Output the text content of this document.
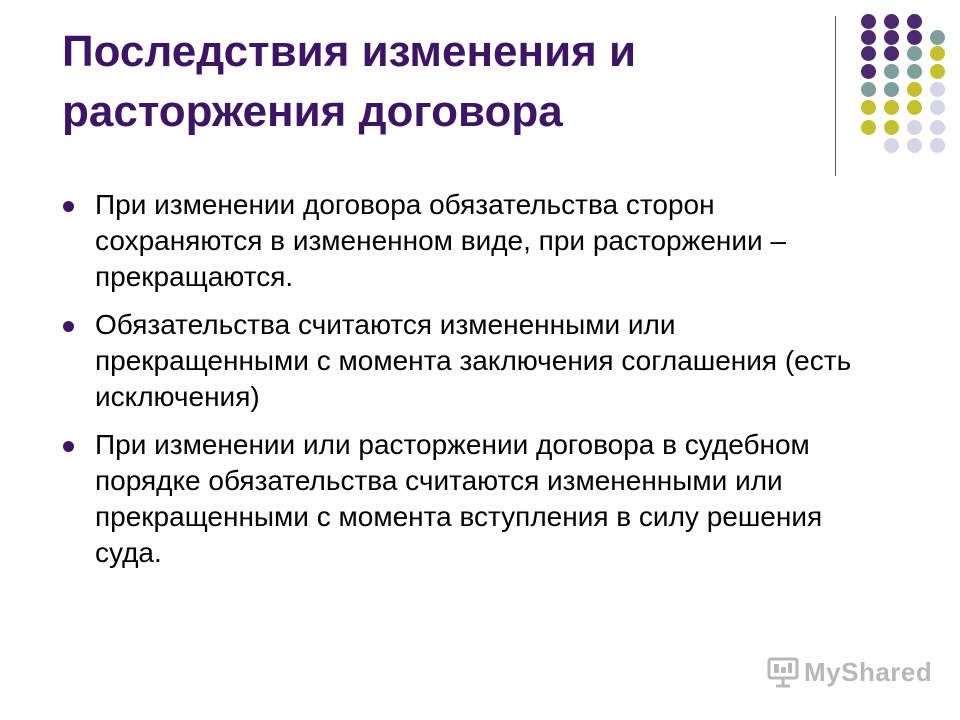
Последствия изменения и расторжения договора
При изменении договора обязательства сторон сохраняются в измененном виде, при расторжении – прекращаются.
Обязательства считаются измененными или прекращенными с момента заключения соглашения (есть исключения)
При изменении или расторжении договора в судебном порядке обязательства считаются измененными или прекращенными с момента вступления в силу решения суда.
MyShared
